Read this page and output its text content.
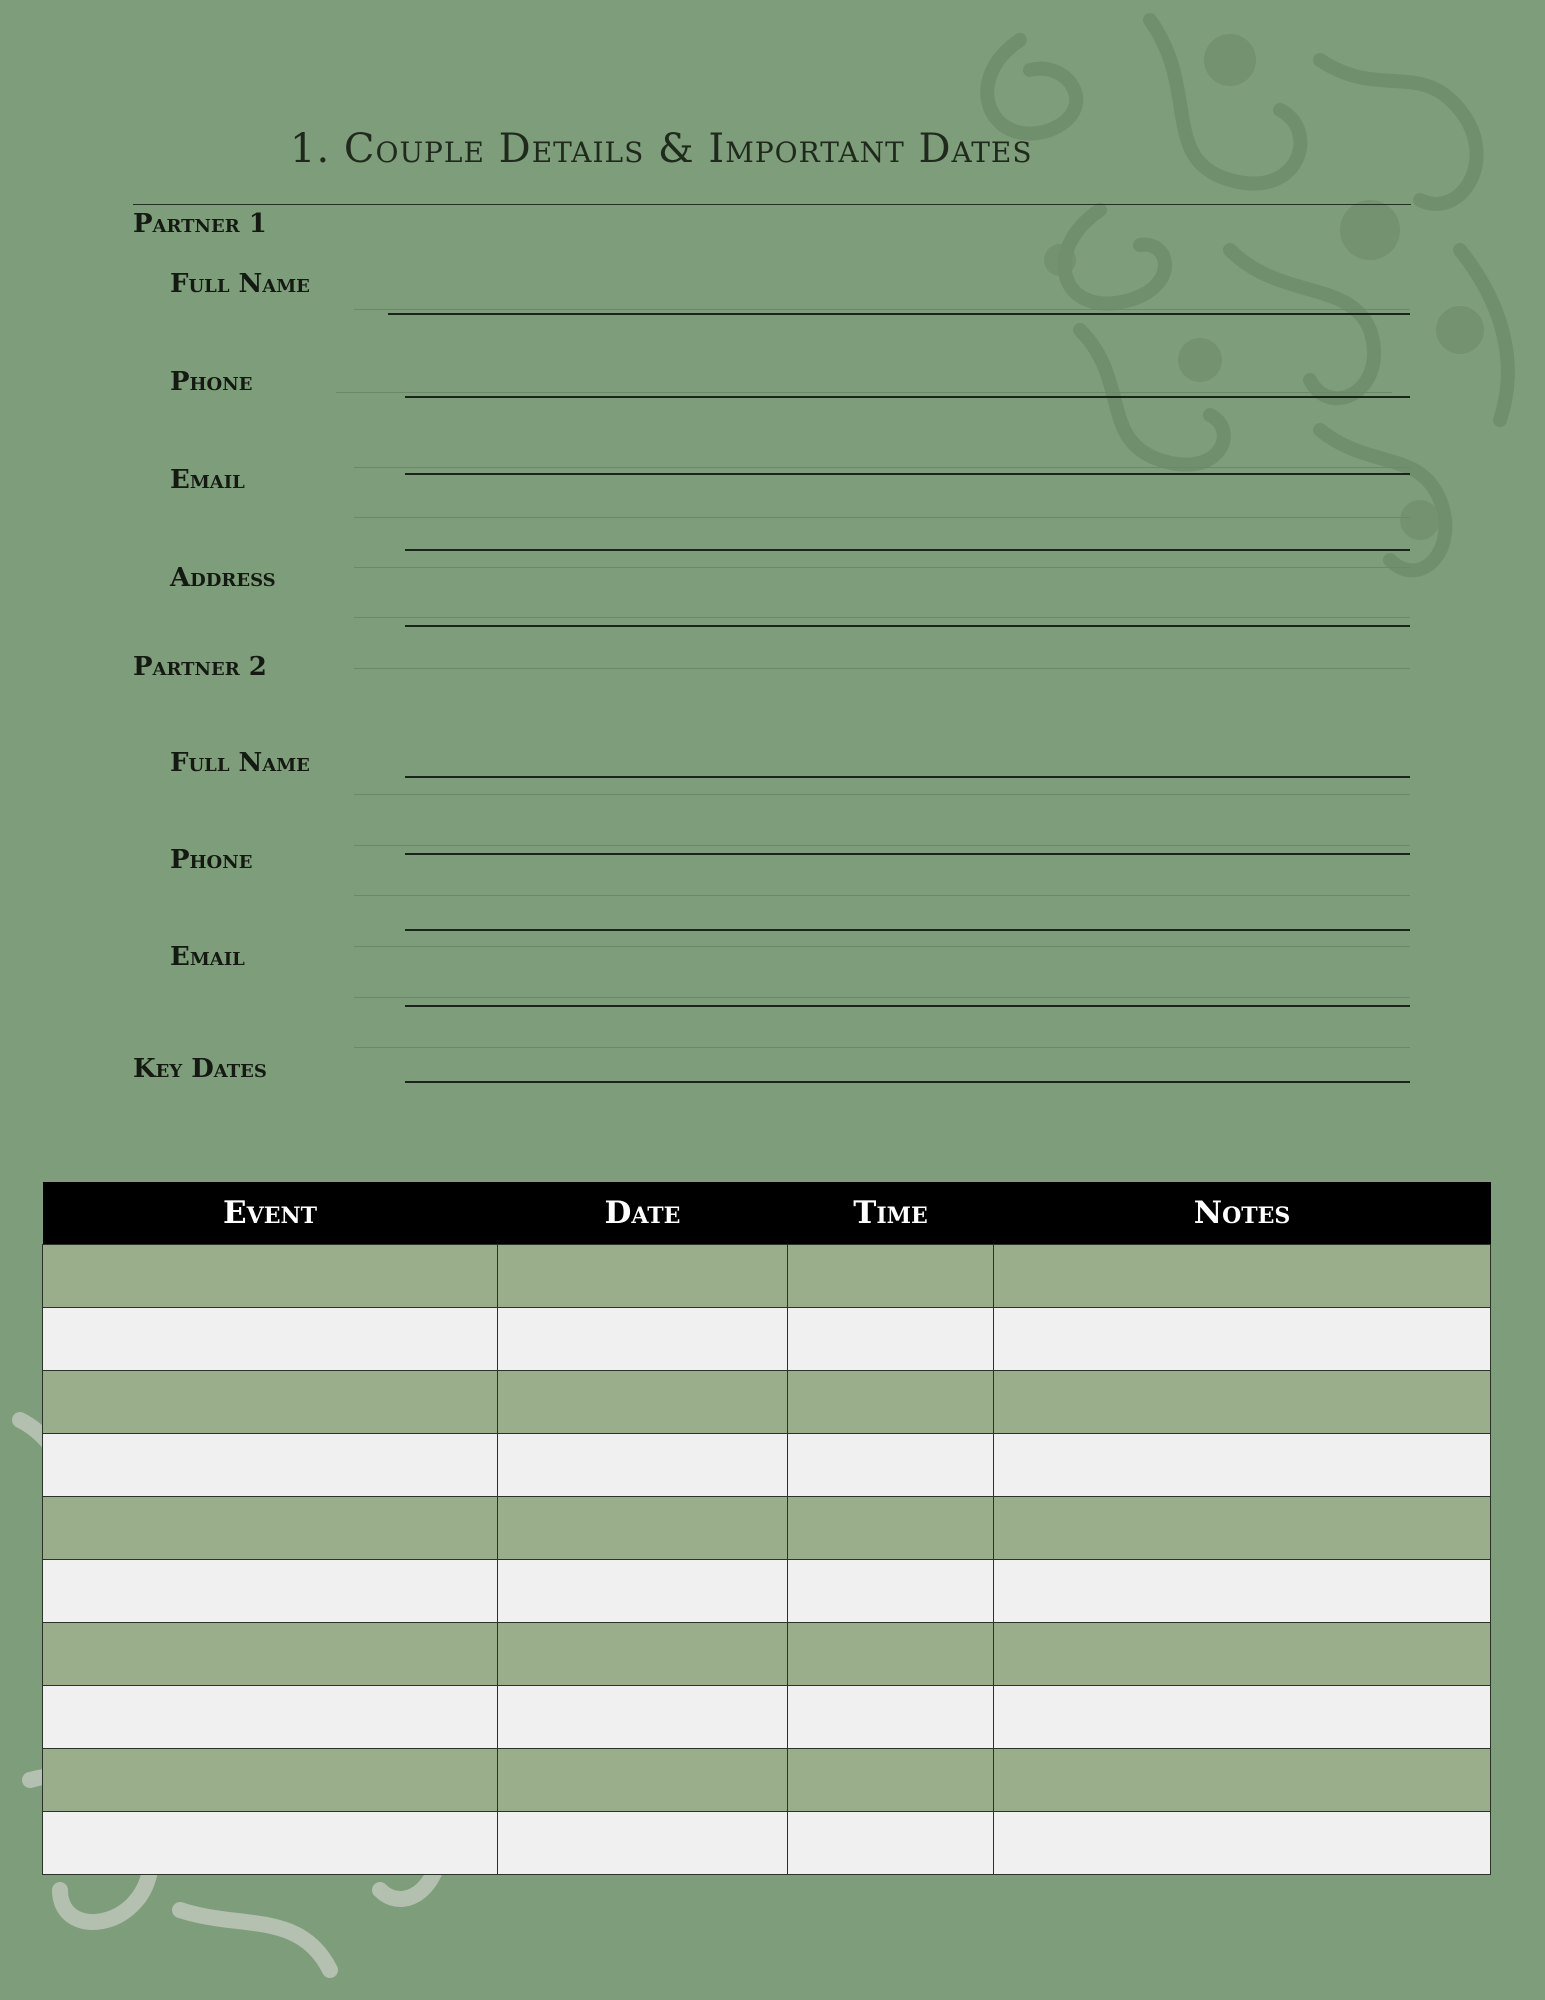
1. Couple Details & Important Dates
Partner 1
Full Name
Phone
Email
Address
Partner 2
Full Name
Phone
Email
Key Dates
Event	Date	Time	Notes
